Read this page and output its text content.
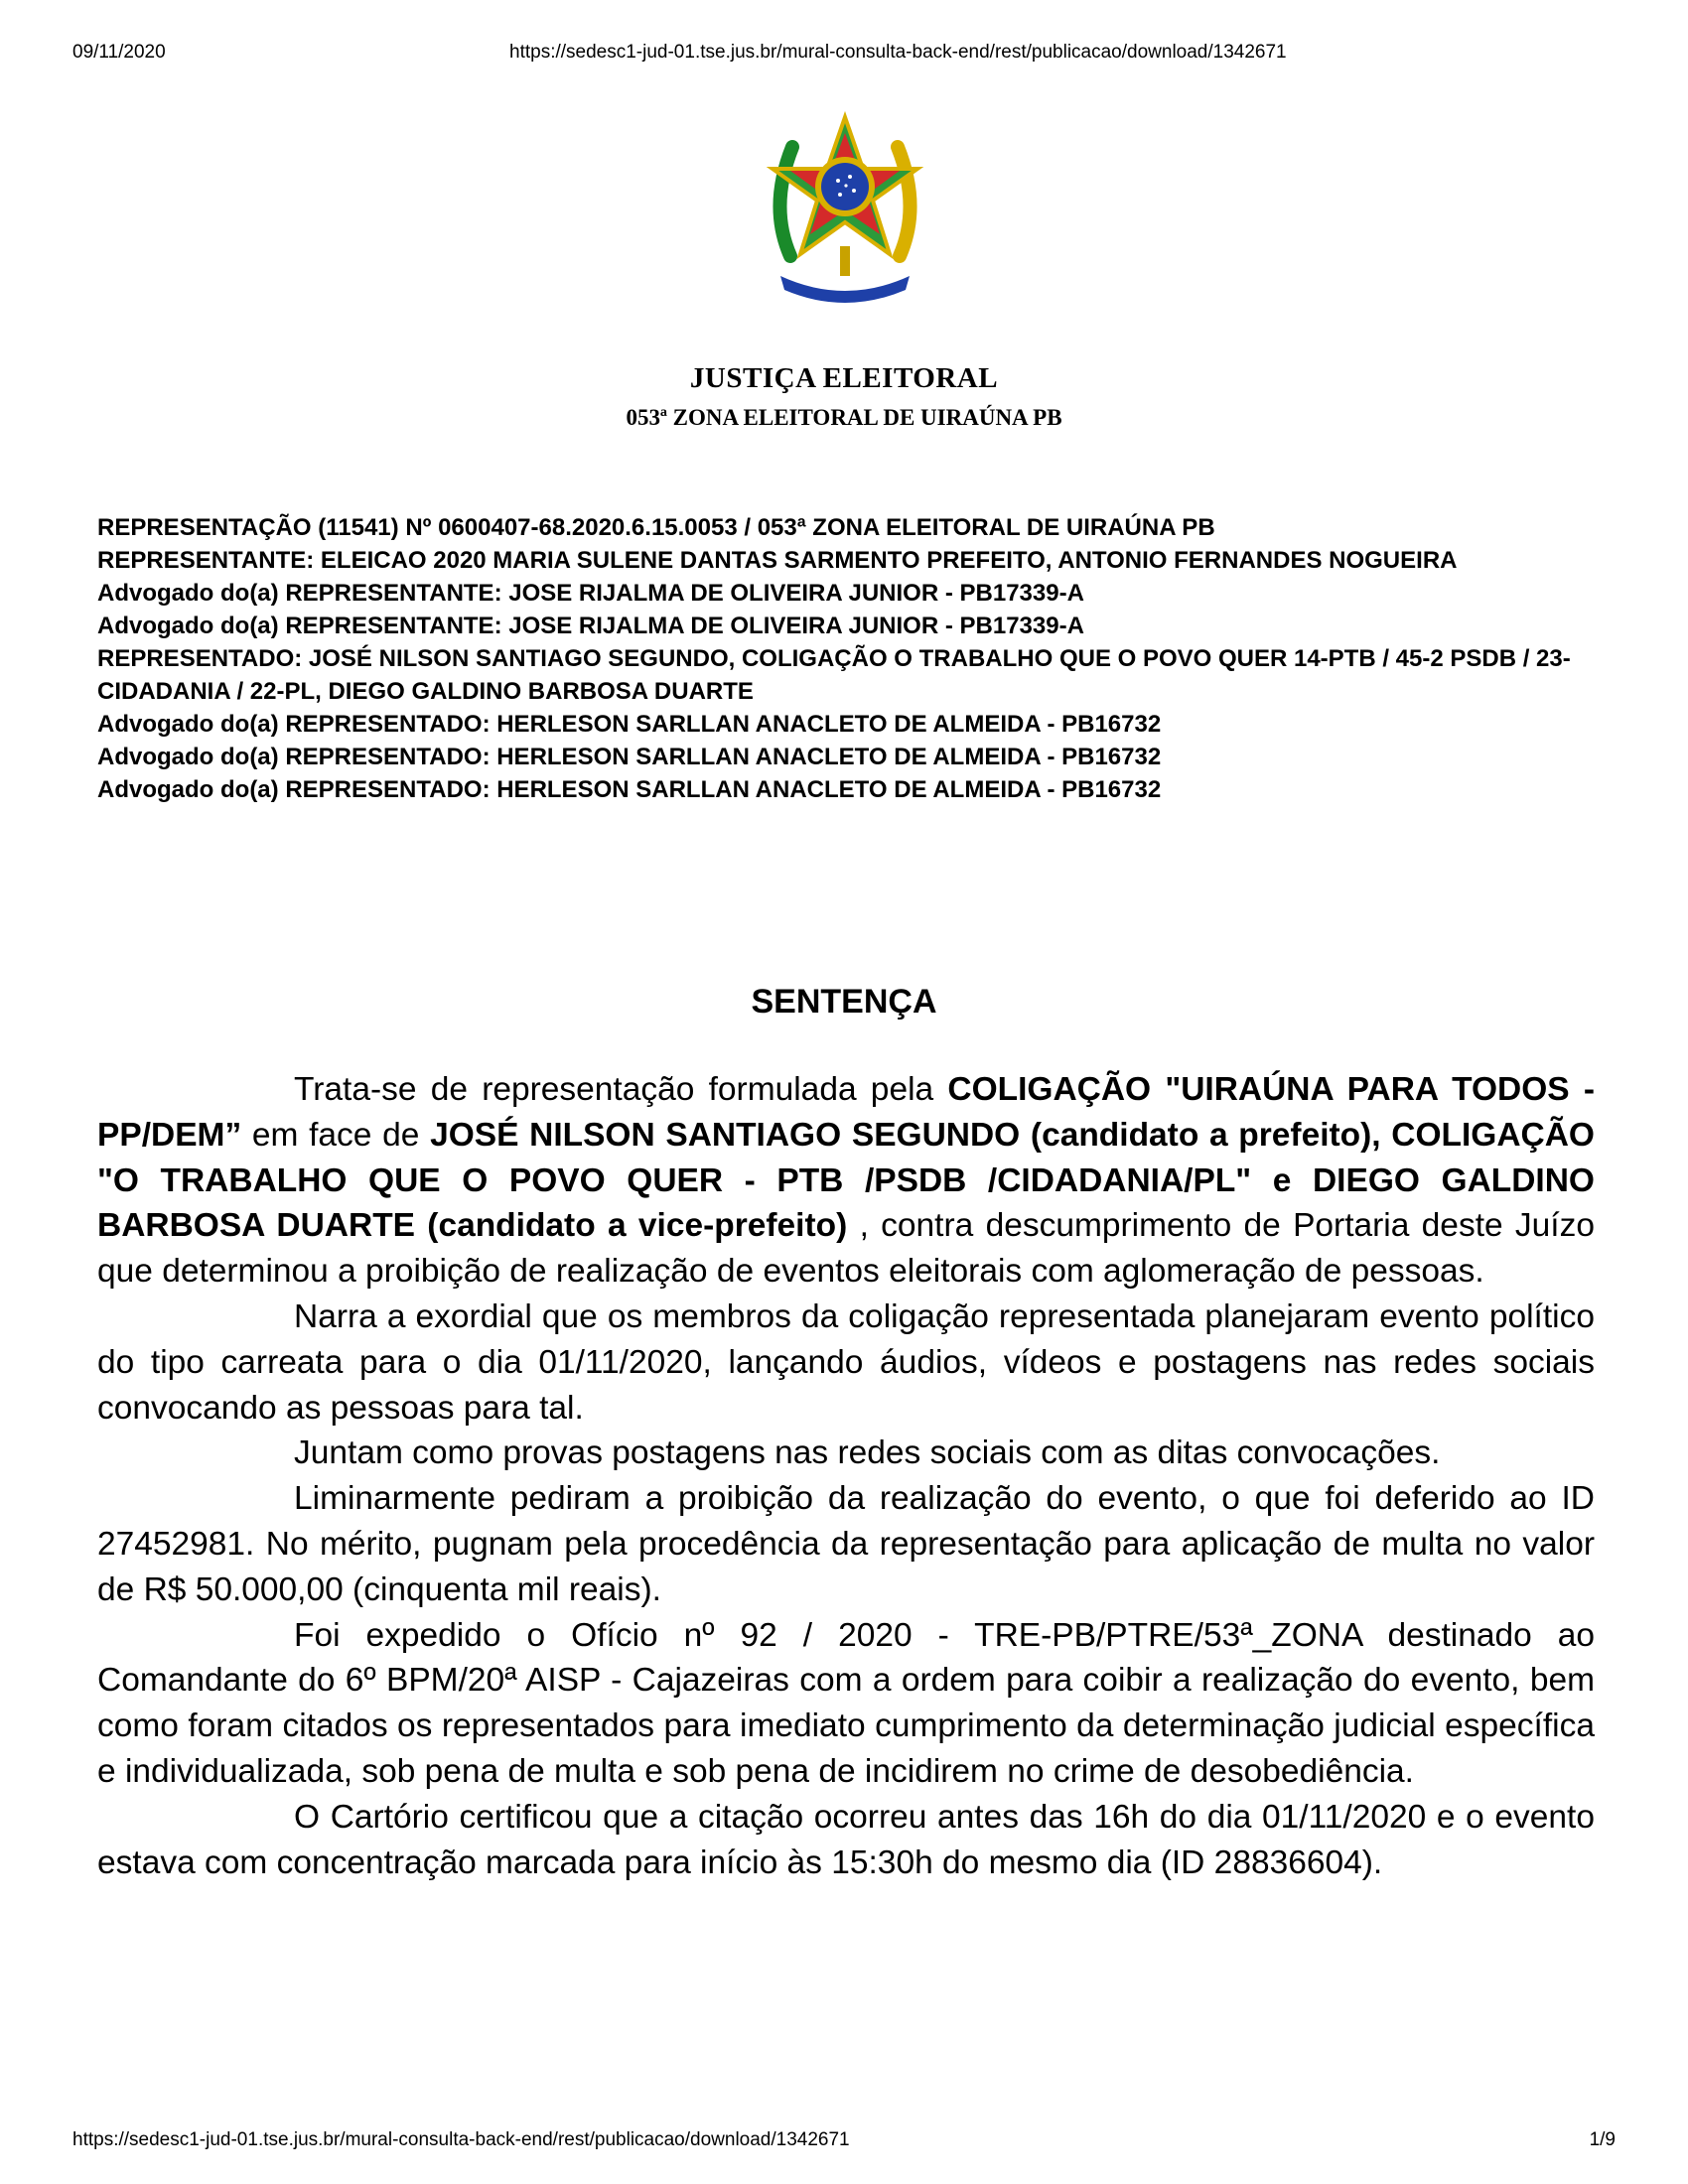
09/11/2020	https://sedesc1-jud-01.tse.jus.br/mural-consulta-back-end/rest/publicacao/download/1342671
JUSTIÇA ELEITORAL
053ª ZONA ELEITORAL DE UIRAÚNA PB
REPRESENTAÇÃO (11541) Nº 0600407-68.2020.6.15.0053 / 053ª ZONA ELEITORAL DE UIRAÚNA PB
REPRESENTANTE: ELEICAO 2020 MARIA SULENE DANTAS SARMENTO PREFEITO, ANTONIO FERNANDES NOGUEIRA
Advogado do(a) REPRESENTANTE: JOSE RIJALMA DE OLIVEIRA JUNIOR - PB17339-A
Advogado do(a) REPRESENTANTE: JOSE RIJALMA DE OLIVEIRA JUNIOR - PB17339-A
REPRESENTADO: JOSÉ NILSON SANTIAGO SEGUNDO, COLIGAÇÃO O TRABALHO QUE O POVO QUER 14-PTB / 45-2 PSDB / 23-CIDADANIA / 22-PL, DIEGO GALDINO BARBOSA DUARTE
Advogado do(a) REPRESENTADO: HERLESON SARLLAN ANACLETO DE ALMEIDA - PB16732
Advogado do(a) REPRESENTADO: HERLESON SARLLAN ANACLETO DE ALMEIDA - PB16732
Advogado do(a) REPRESENTADO: HERLESON SARLLAN ANACLETO DE ALMEIDA - PB16732
SENTENÇA

Trata-se de representação formulada pela COLIGAÇÃO "UIRAÚNA PARA TODOS - PP/DEM” em face de JOSÉ NILSON SANTIAGO SEGUNDO (candidato a prefeito), COLIGAÇÃO "O TRABALHO QUE O POVO QUER - PTB /PSDB /CIDADANIA/PL" e DIEGO GALDINO BARBOSA DUARTE (candidato a vice-prefeito) , contra descumprimento de Portaria deste Juízo que determinou a proibição de realização de eventos eleitorais com aglomeração de pessoas.

Narra a exordial que os membros da coligação representada planejaram evento político do tipo carreata para o dia 01/11/2020, lançando áudios, vídeos e postagens nas redes sociais convocando as pessoas para tal.

Juntam como provas postagens nas redes sociais com as ditas convocações.

Liminarmente pediram a proibição da realização do evento, o que foi deferido ao ID 27452981. No mérito, pugnam pela procedência da representação para aplicação de multa no valor de R$ 50.000,00 (cinquenta mil reais).

Foi expedido o Ofício nº 92 / 2020 - TRE-PB/PTRE/53ª_ZONA destinado ao Comandante do 6º BPM/20ª AISP - Cajazeiras com a ordem para coibir a realização do evento, bem como foram citados os representados para imediato cumprimento da determinação judicial específica e individualizada, sob pena de multa e sob pena de incidirem no crime de desobediência.

O Cartório certificou que a citação ocorreu antes das 16h do dia 01/11/2020 e o evento estava com concentração marcada para início às 15:30h do mesmo dia (ID 28836604).

https://sedesc1-jud-01.tse.jus.br/mural-consulta-back-end/rest/publicacao/download/1342671	1/9
